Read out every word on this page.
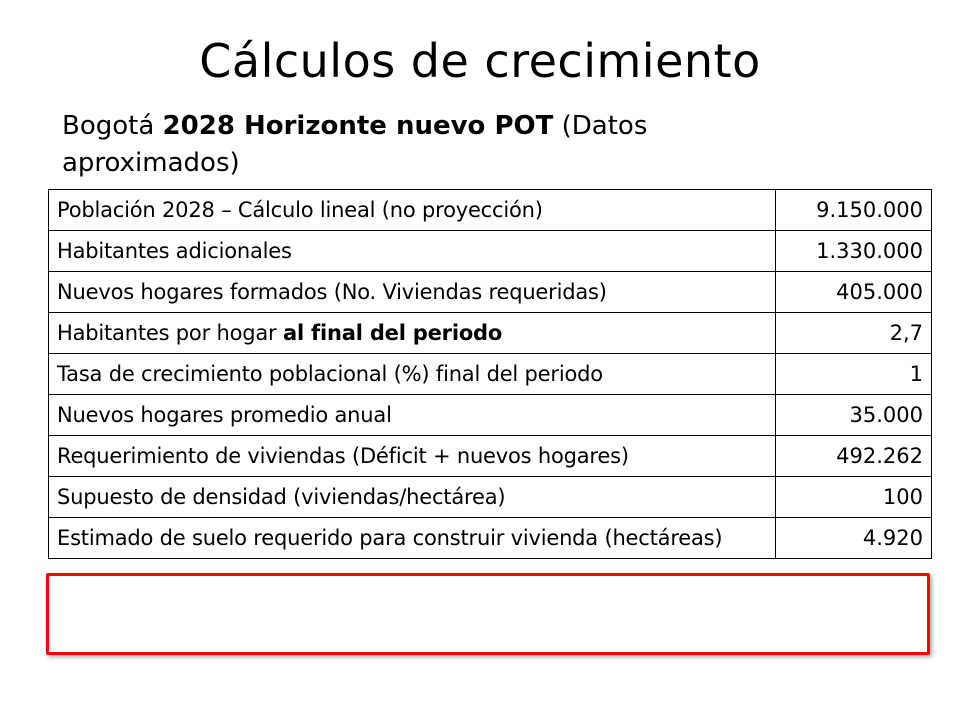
Cálculos de crecimiento
Bogotá 2028 Horizonte nuevo POT (Datos aproximados)
Población 2028 – Cálculo lineal (no proyección)	9.150.000
Habitantes adicionales	1.330.000
Nuevos hogares formados (No. Viviendas requeridas)	405.000
Habitantes por hogar al final del periodo	2,7
Tasa de crecimiento poblacional (%) final del periodo	1
Nuevos hogares promedio anual	35.000
Requerimiento de viviendas (Déficit + nuevos hogares)	492.262
Supuesto de densidad (viviendas/hectárea)	100
Estimado de suelo requerido para construir vivienda (hectáreas)	4.920
